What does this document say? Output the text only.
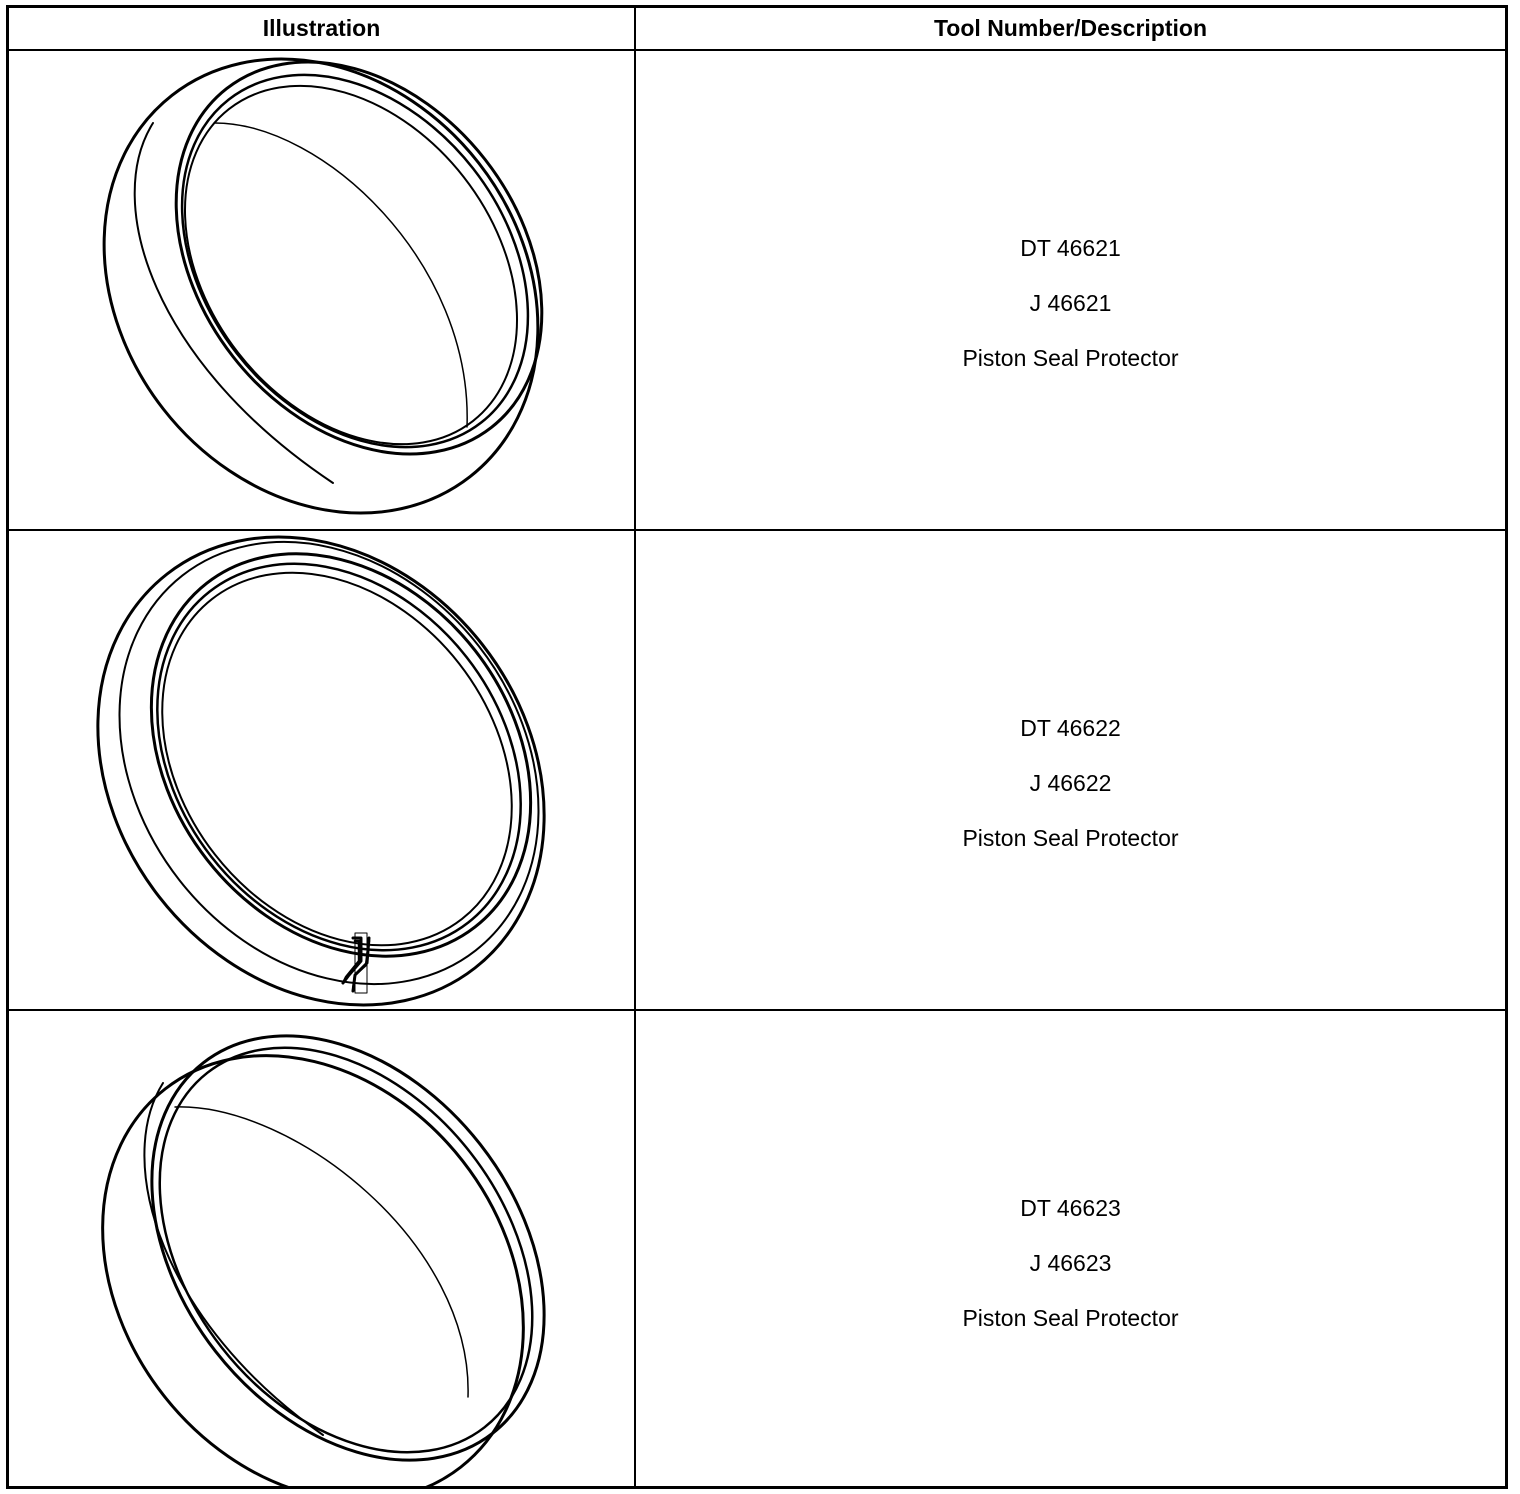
Illustration	Tool Number/Description
DT 46621
J 46621
Piston Seal Protector
DT 46622
J 46622
Piston Seal Protector
DT 46623
J 46623
Piston Seal Protector
